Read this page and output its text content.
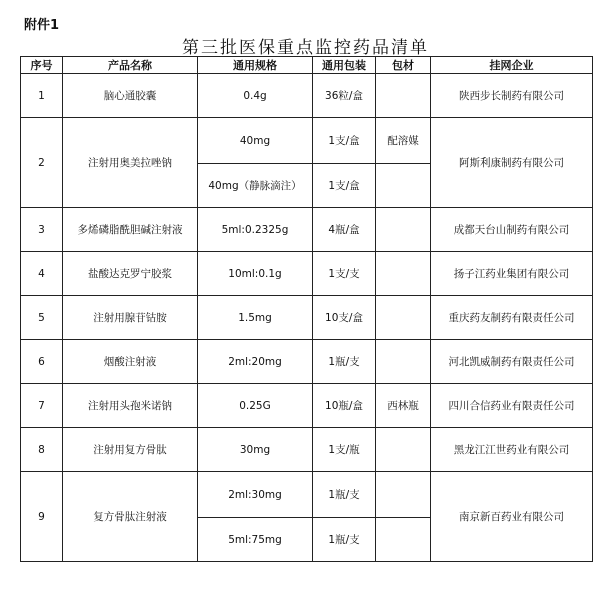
附件1
第三批医保重点监控药品清单
序号	产品名称	通用规格	通用包装	包材	挂网企业
1	脑心通胶囊	0.4g	36粒/盒		陕西步长制药有限公司
2	注射用奥美拉唑钠	40mg	1支/盒	配溶媒	阿斯利康制药有限公司
		40mg（静脉滴注）	1支/盒		
3	多烯磷脂酰胆碱注射液	5ml:0.2325g	4瓶/盒		成都天台山制药有限公司
4	盐酸达克罗宁胶浆	10ml:0.1g	1支/支		扬子江药业集团有限公司
5	注射用腺苷钴胺	1.5mg	10支/盒		重庆药友制药有限责任公司
6	烟酸注射液	2ml:20mg	1瓶/支		河北凯威制药有限责任公司
7	注射用头孢米诺钠	0.25G	10瓶/盒	西林瓶	四川合信药业有限责任公司
8	注射用复方骨肽	30mg	1支/瓶		黑龙江江世药业有限公司
9	复方骨肽注射液	2ml:30mg	1瓶/支		南京新百药业有限公司
		5ml:75mg	1瓶/支		
